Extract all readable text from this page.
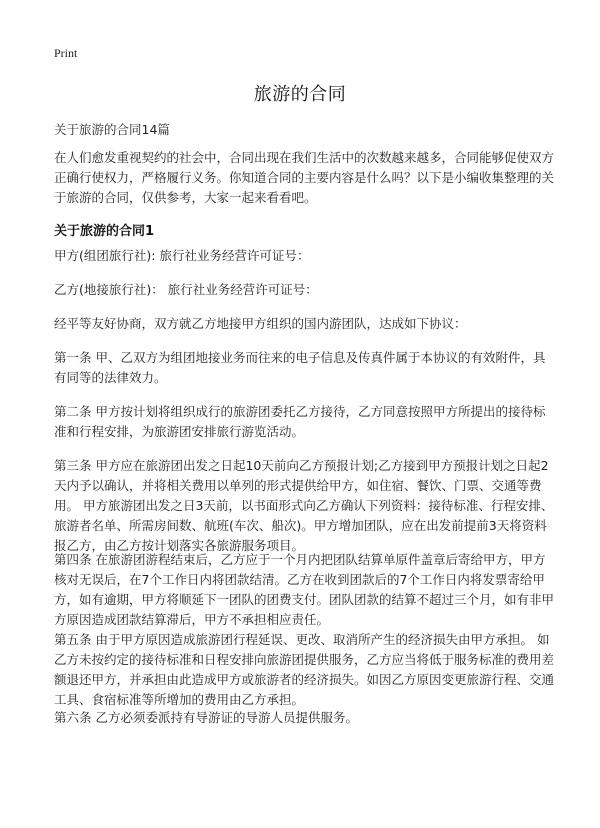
Print
旅游的合同
关于旅游的合同14篇

在人们愈发重视契约的社会中，合同出现在我们生活中的次数越来越多，合同能够促使双方正确行使权力，严格履行义务。你知道合同的主要内容是什么吗？以下是小编收集整理的关于旅游的合同，仅供参考，大家一起来看看吧。

关于旅游的合同1

甲方(组团旅行社): 旅行社业务经营许可证号：

乙方(地接旅行社)： 旅行社业务经营许可证号：

经平等友好协商，双方就乙方地接甲方组织的国内游团队，达成如下协议：

第一条 甲、乙双方为组团地接业务而往来的电子信息及传真件属于本协议的有效附件，具有同等的法律效力。

第二条 甲方按计划将组织成行的旅游团委托乙方接待，乙方同意按照甲方所提出的接待标准和行程安排，为旅游团安排旅行游览活动。

第三条 甲方应在旅游团出发之日起10天前向乙方预报计划;乙方接到甲方预报计划之日起2天内予以确认，并将相关费用以单列的形式提供给甲方，如住宿、餐饮、门票、交通等费用。 甲方旅游团出发之日3天前，以书面形式向乙方确认下列资料：接待标准、行程安排、旅游者名单、所需房间数、航班(车次、船次)。甲方增加团队，应在出发前提前3天将资料报乙方，由乙方按计划落实各旅游服务项目。

第四条 在旅游团游程结束后，乙方应于一个月内把团队结算单原件盖章后寄给甲方，甲方核对无误后，在7个工作日内将团款结清。乙方在收到团款后的7个工作日内将发票寄给甲方，如有逾期，甲方将顺延下一团队的团费支付。团队团款的结算不超过三个月，如有非甲方原因造成团款结算滞后，甲方不承担相应责任。

第五条 由于甲方原因造成旅游团行程延误、更改、取消所产生的经济损失由甲方承担。 如乙方未按约定的接待标准和日程安排向旅游团提供服务，乙方应当将低于服务标准的费用差额退还甲方，并承担由此造成甲方或旅游者的经济损失。如因乙方原因变更旅游行程、交通工具、食宿标准等所增加的费用由乙方承担。

第六条 乙方必须委派持有导游证的导游人员提供服务。
